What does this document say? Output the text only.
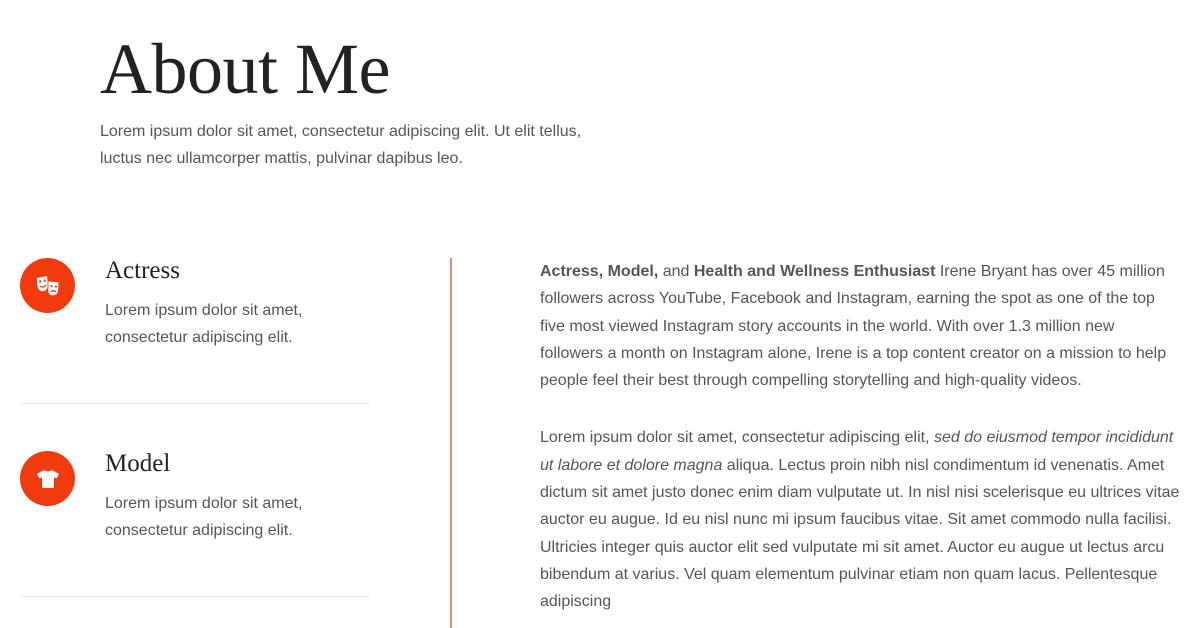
About Me

Lorem ipsum dolor sit amet, consectetur adipiscing elit. Ut elit tellus, luctus nec ullamcorper mattis, pulvinar dapibus leo.

Actress

Lorem ipsum dolor sit amet, consectetur adipiscing elit.

Model

Lorem ipsum dolor sit amet, consectetur adipiscing elit.

Actress, Model, and Health and Wellness Enthusiast Irene Bryant has over 45 million followers across YouTube, Facebook and Instagram, earning the spot as one of the top five most viewed Instagram story accounts in the world. With over 1.3 million new followers a month on Instagram alone, Irene is a top content creator on a mission to help people feel their best through compelling storytelling and high-quality videos.

Lorem ipsum dolor sit amet, consectetur adipiscing elit, sed do eiusmod tempor incididunt ut labore et dolore magna aliqua. Lectus proin nibh nisl condimentum id venenatis. Amet dictum sit amet justo donec enim diam vulputate ut. In nisl nisi scelerisque eu ultrices vitae auctor eu augue. Id eu nisl nunc mi ipsum faucibus vitae. Sit amet commodo nulla facilisi. Ultricies integer quis auctor elit sed vulputate mi sit amet. Auctor eu augue ut lectus arcu bibendum at varius. Vel quam elementum pulvinar etiam non quam lacus. Pellentesque adipiscing
